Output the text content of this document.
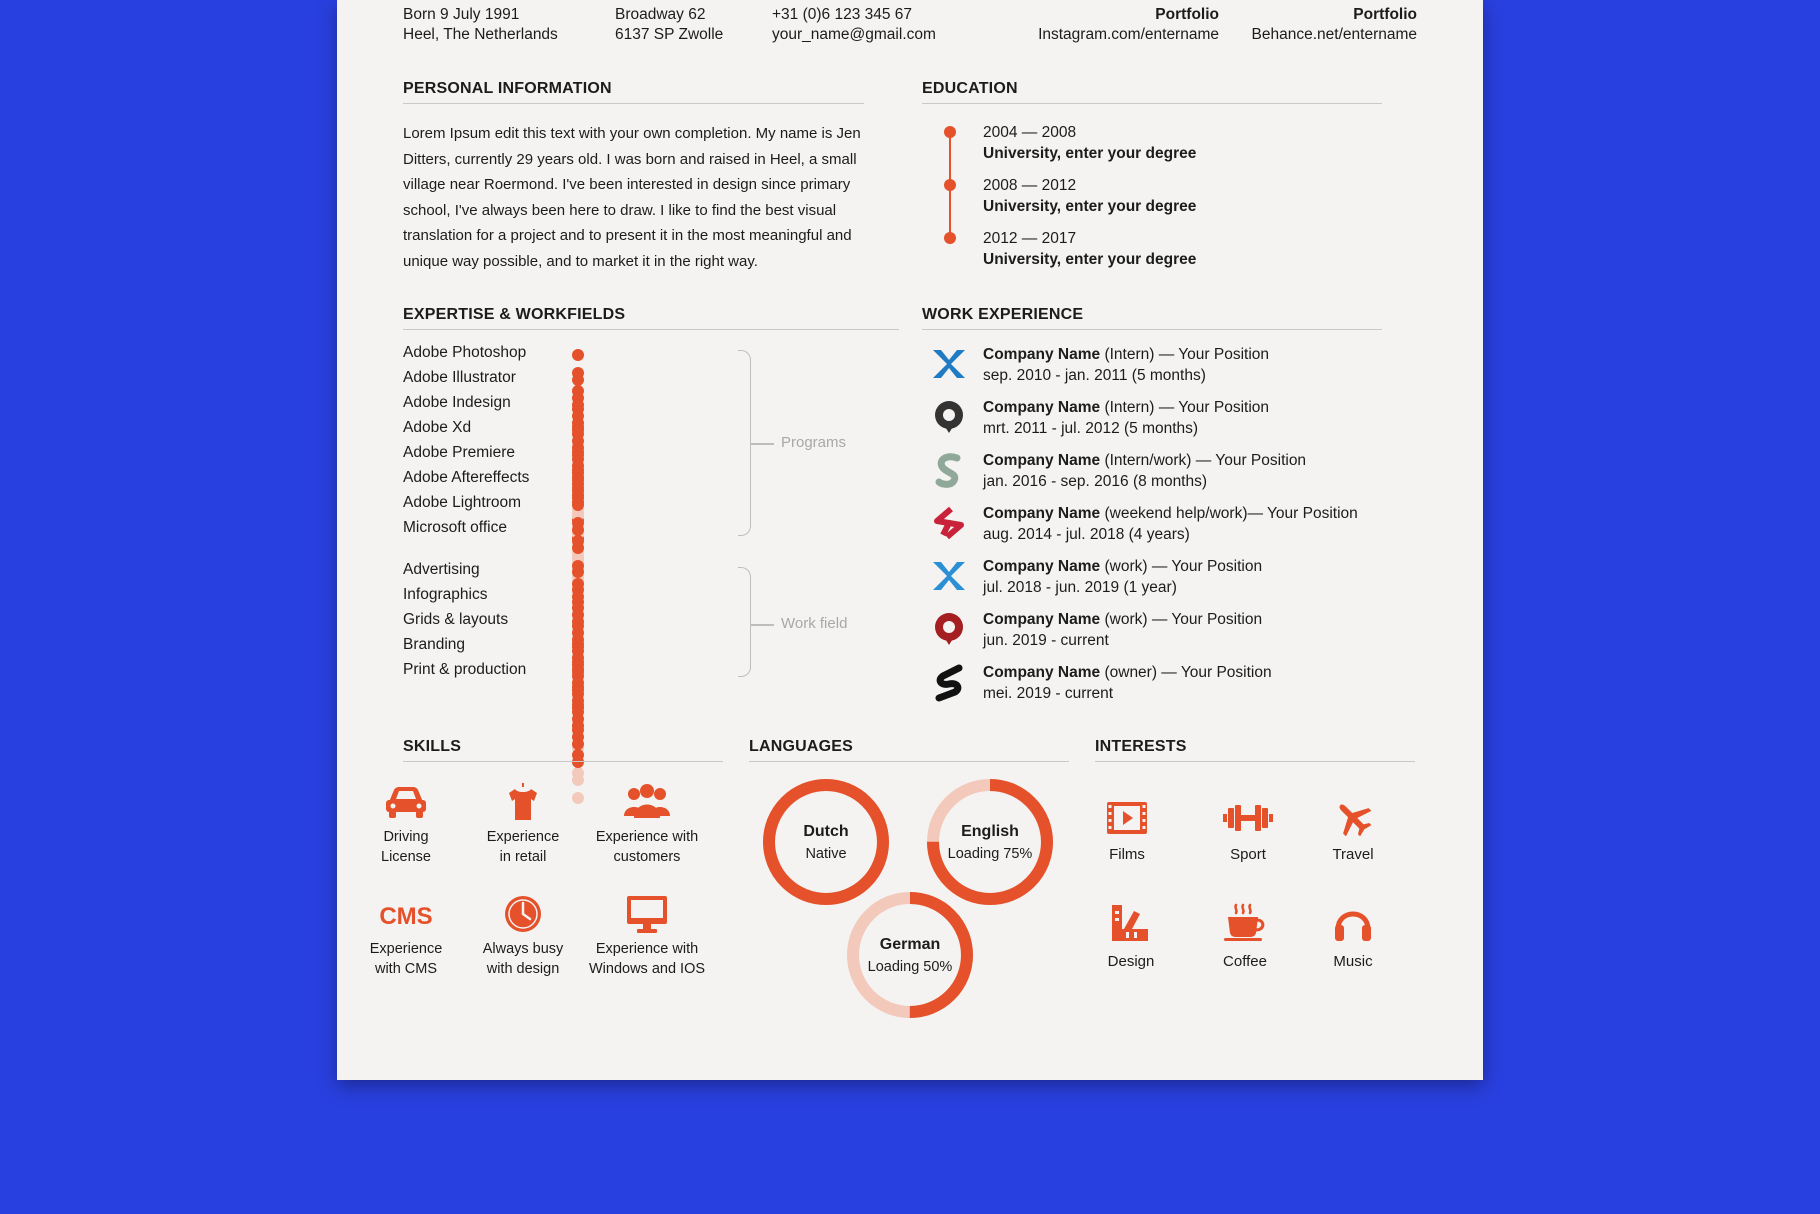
Born 9 July 1991
Heel, The Netherlands
Broadway 62
6137 SP Zwolle
+31 (0)6 123 345 67
your_name@gmail.com
Portfolio
Instagram.com/entername
Portfolio
Behance.net/entername
PERSONAL INFORMATION
Lorem Ipsum edit this text with your own completion. My name is Jen Ditters, currently 29 years old. I was born and raised in Heel, a small village near Roermond. I've been interested in design since primary school, I've always been here to draw. I like to find the best visual translation for a project and to present it in the most meaningful and unique way possible, and to market it in the right way.
EDUCATION
2004 — 2008
University, enter your degree
2008 — 2012
University, enter your degree
2012 — 2017
University, enter your degree
EXPERTISE & WORKFIELDS
Adobe Photoshop
Adobe Illustrator
Adobe Indesign
Adobe Xd
Adobe Premiere
Adobe Aftereffects
Adobe Lightroom
Microsoft office
Advertising
Infographics
Grids & layouts
Branding
Print & production
Programs
Work field
WORK EXPERIENCE
Company Name (Intern) — Your Position
sep. 2010 - jan. 2011 (5 months)
Company Name (Intern) — Your Position
mrt. 2011 - jul. 2012 (5 months)
Company Name (Intern/work) — Your Position
jan. 2016 - sep. 2016 (8 months)
Company Name (weekend help/work)— Your Position
aug. 2014 - jul. 2018 (4 years)
Company Name (work) — Your Position
jul. 2018 - jun. 2019 (1 year)
Company Name (work) — Your Position
jun. 2019 - current
Company Name (owner) — Your Position
mei. 2019 - current
SKILLS
Driving
License
Experience
in retail
Experience with
customers
CMS
Experience
with CMS
Always busy
with design
Experience with
Windows and IOS
LANGUAGES
Dutch
Native
English
Loading 75%
German
Loading 50%
INTERESTS
Films	Sport	Travel
Design	Coffee	Music
